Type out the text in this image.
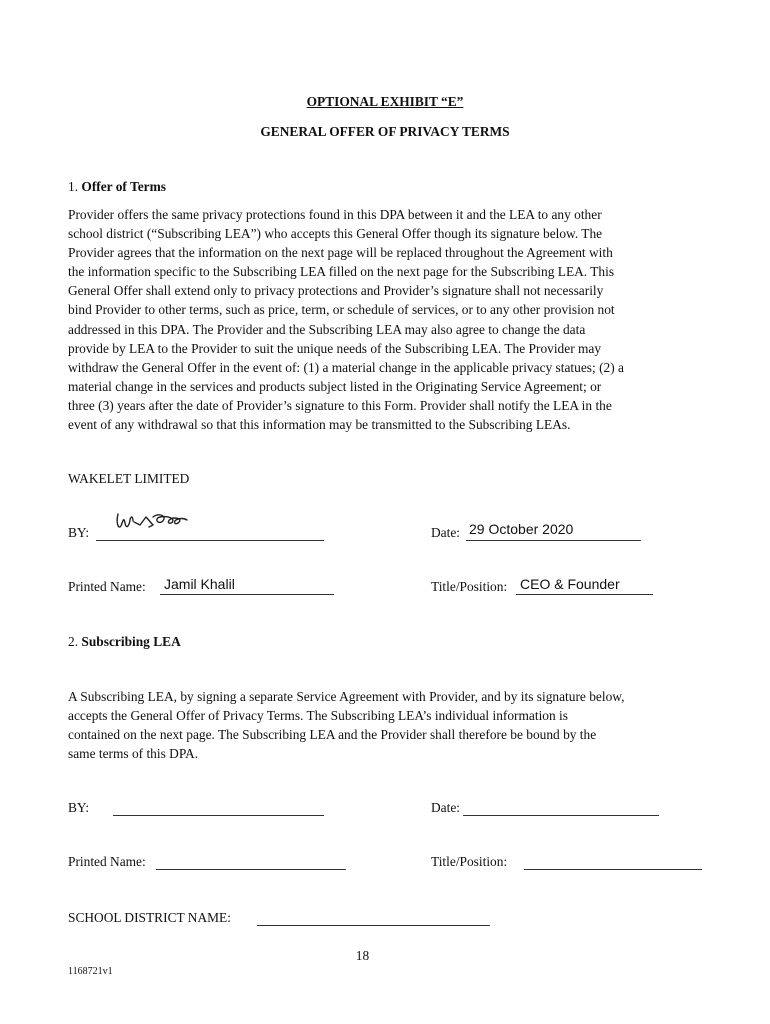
OPTIONAL EXHIBIT “E”
GENERAL OFFER OF PRIVACY TERMS
1. Offer of Terms
Provider offers the same privacy protections found in this DPA between it and the LEA to any other
school district (“Subscribing LEA”) who accepts this General Offer though its signature below. The
Provider agrees that the information on the next page will be replaced throughout the Agreement with
the information specific to the Subscribing LEA filled on the next page for the Subscribing LEA. This
General Offer shall extend only to privacy protections and Provider’s signature shall not necessarily
bind Provider to other terms, such as price, term, or schedule of services, or to any other provision not
addressed in this DPA. The Provider and the Subscribing LEA may also agree to change the data
provide by LEA to the Provider to suit the unique needs of the Subscribing LEA. The Provider may
withdraw the General Offer in the event of: (1) a material change in the applicable privacy statues; (2) a
material change in the services and products subject listed in the Originating Service Agreement; or
three (3) years after the date of Provider’s signature to this Form. Provider shall notify the LEA in the
event of any withdrawal so that this information may be transmitted to the Subscribing LEAs.
WAKELET LIMITED
BY:	Date: 29 October 2020
Printed Name: Jamil Khalil	Title/Position: CEO & Founder
2. Subscribing LEA
A Subscribing LEA, by signing a separate Service Agreement with Provider, and by its signature below,
accepts the General Offer of Privacy Terms. The Subscribing LEA’s individual information is
contained on the next page. The Subscribing LEA and the Provider shall therefore be bound by the
same terms of this DPA.
BY:	Date:
Printed Name:	Title/Position:
SCHOOL DISTRICT NAME:
18
1168721v1
